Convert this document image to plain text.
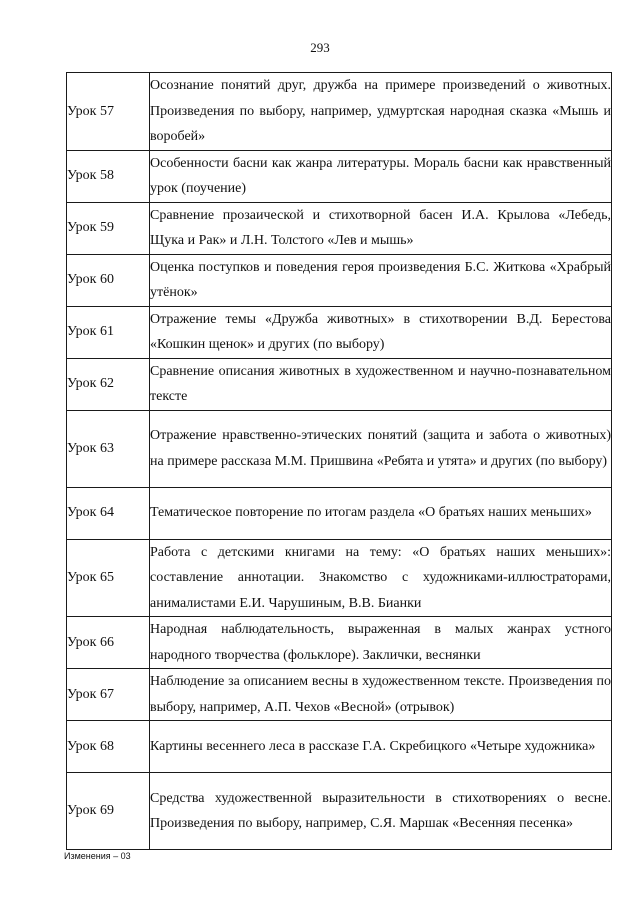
293
Урок 57	Осознание понятий друг, дружба на примере произведений о животных. Произведения по выбору, например, удмуртская народная сказка «Мышь и воробей»
Урок 58	Особенности басни как жанра литературы. Мораль басни как нравственный урок (поучение)
Урок 59	Сравнение прозаической и стихотворной басен И.А. Крылова «Лебедь, Щука и Рак» и Л.Н. Толстого «Лев и мышь»
Урок 60	Оценка поступков и поведения героя произведения Б.С. Житкова «Храбрый утёнок»
Урок 61	Отражение темы «Дружба животных» в стихотворении В.Д. Берестова «Кошкин щенок» и других (по выбору)
Урок 62	Сравнение описания животных в художественном и научно-познавательном тексте
Урок 63	Отражение нравственно-этических понятий (защита и забота о животных) на примере рассказа М.М. Пришвина «Ребята и утята» и других (по выбору)
Урок 64	Тематическое повторение по итогам раздела «О братьях наших меньших»
Урок 65	Работа с детскими книгами на тему: «О братьях наших меньших»: составление аннотации. Знакомство с художниками-иллюстраторами, анималистами Е.И. Чарушиным, В.В. Бианки
Урок 66	Народная наблюдательность, выраженная в малых жанрах устного народного творчества (фольклоре). Заклички, веснянки
Урок 67	Наблюдение за описанием весны в художественном тексте. Произведения по выбору, например, А.П. Чехов «Весной» (отрывок)
Урок 68	Картины весеннего леса в рассказе Г.А. Скребицкого «Четыре художника»
Урок 69	Средства художественной выразительности в стихотворениях о весне. Произведения по выбору, например, С.Я. Маршак «Весенняя песенка»
Изменения – 03
